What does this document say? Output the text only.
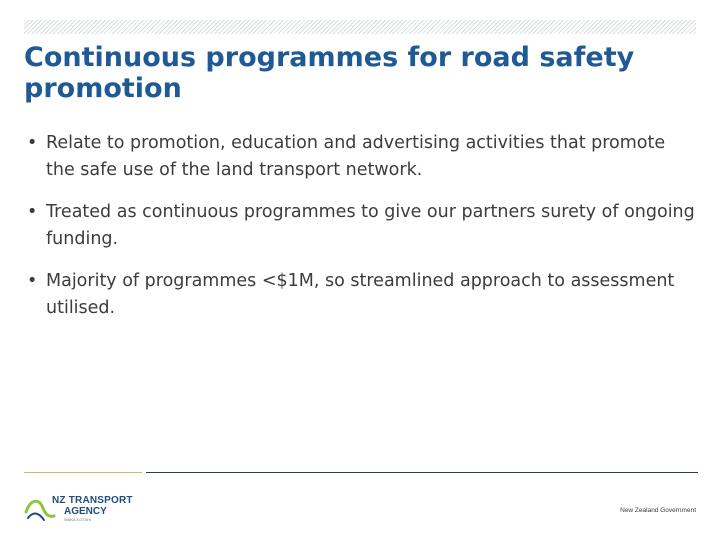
Continuous programmes for road safety promotion
• Relate to promotion, education and advertising activities that promote the safe use of the land transport network.
• Treated as continuous programmes to give our partners surety of ongoing funding.
• Majority of programmes <$1M, so streamlined approach to assessment utilised.
NZ TRANSPORT
AGENCY
WAKA KOTAHI
New Zealand Government
